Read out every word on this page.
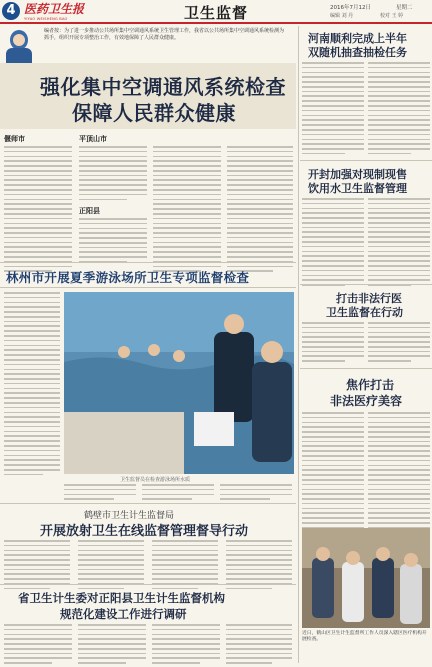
4 医药卫生报
YIYAO WEISHENG BAO	卫生监督	2016年7月12日	星期二
编辑 刘 丹	校对 王 婷
编者按：为了进一步推动公共场所集中空调通风系统卫生管理工作，我省以公共场所集中空调通风系统检测为抓手，组织开展专项整治工作，有效地保障了人民群众健康。
强化集中空调通风系统检查
保障人民群众健康
偃师市	平顶山市
正阳县
林州市开展夏季游泳场所卫生专项监督检查
卫生监督员在检查游泳场所水质
鹤壁市卫生计生监督局
开展放射卫生在线监督管理督导行动
省卫生计生委对正阳县卫生计生监督机构
规范化建设工作进行调研
河南顺利完成上半年
双随机抽查抽检任务
开封加强对现制现售
饮用水卫生监督管理
打击非法行医
卫生监督在行动
焦作打击
非法医疗美容
近日，鹤山区卫生计生监督所工作人员深入辖区医疗机构开展检查。
